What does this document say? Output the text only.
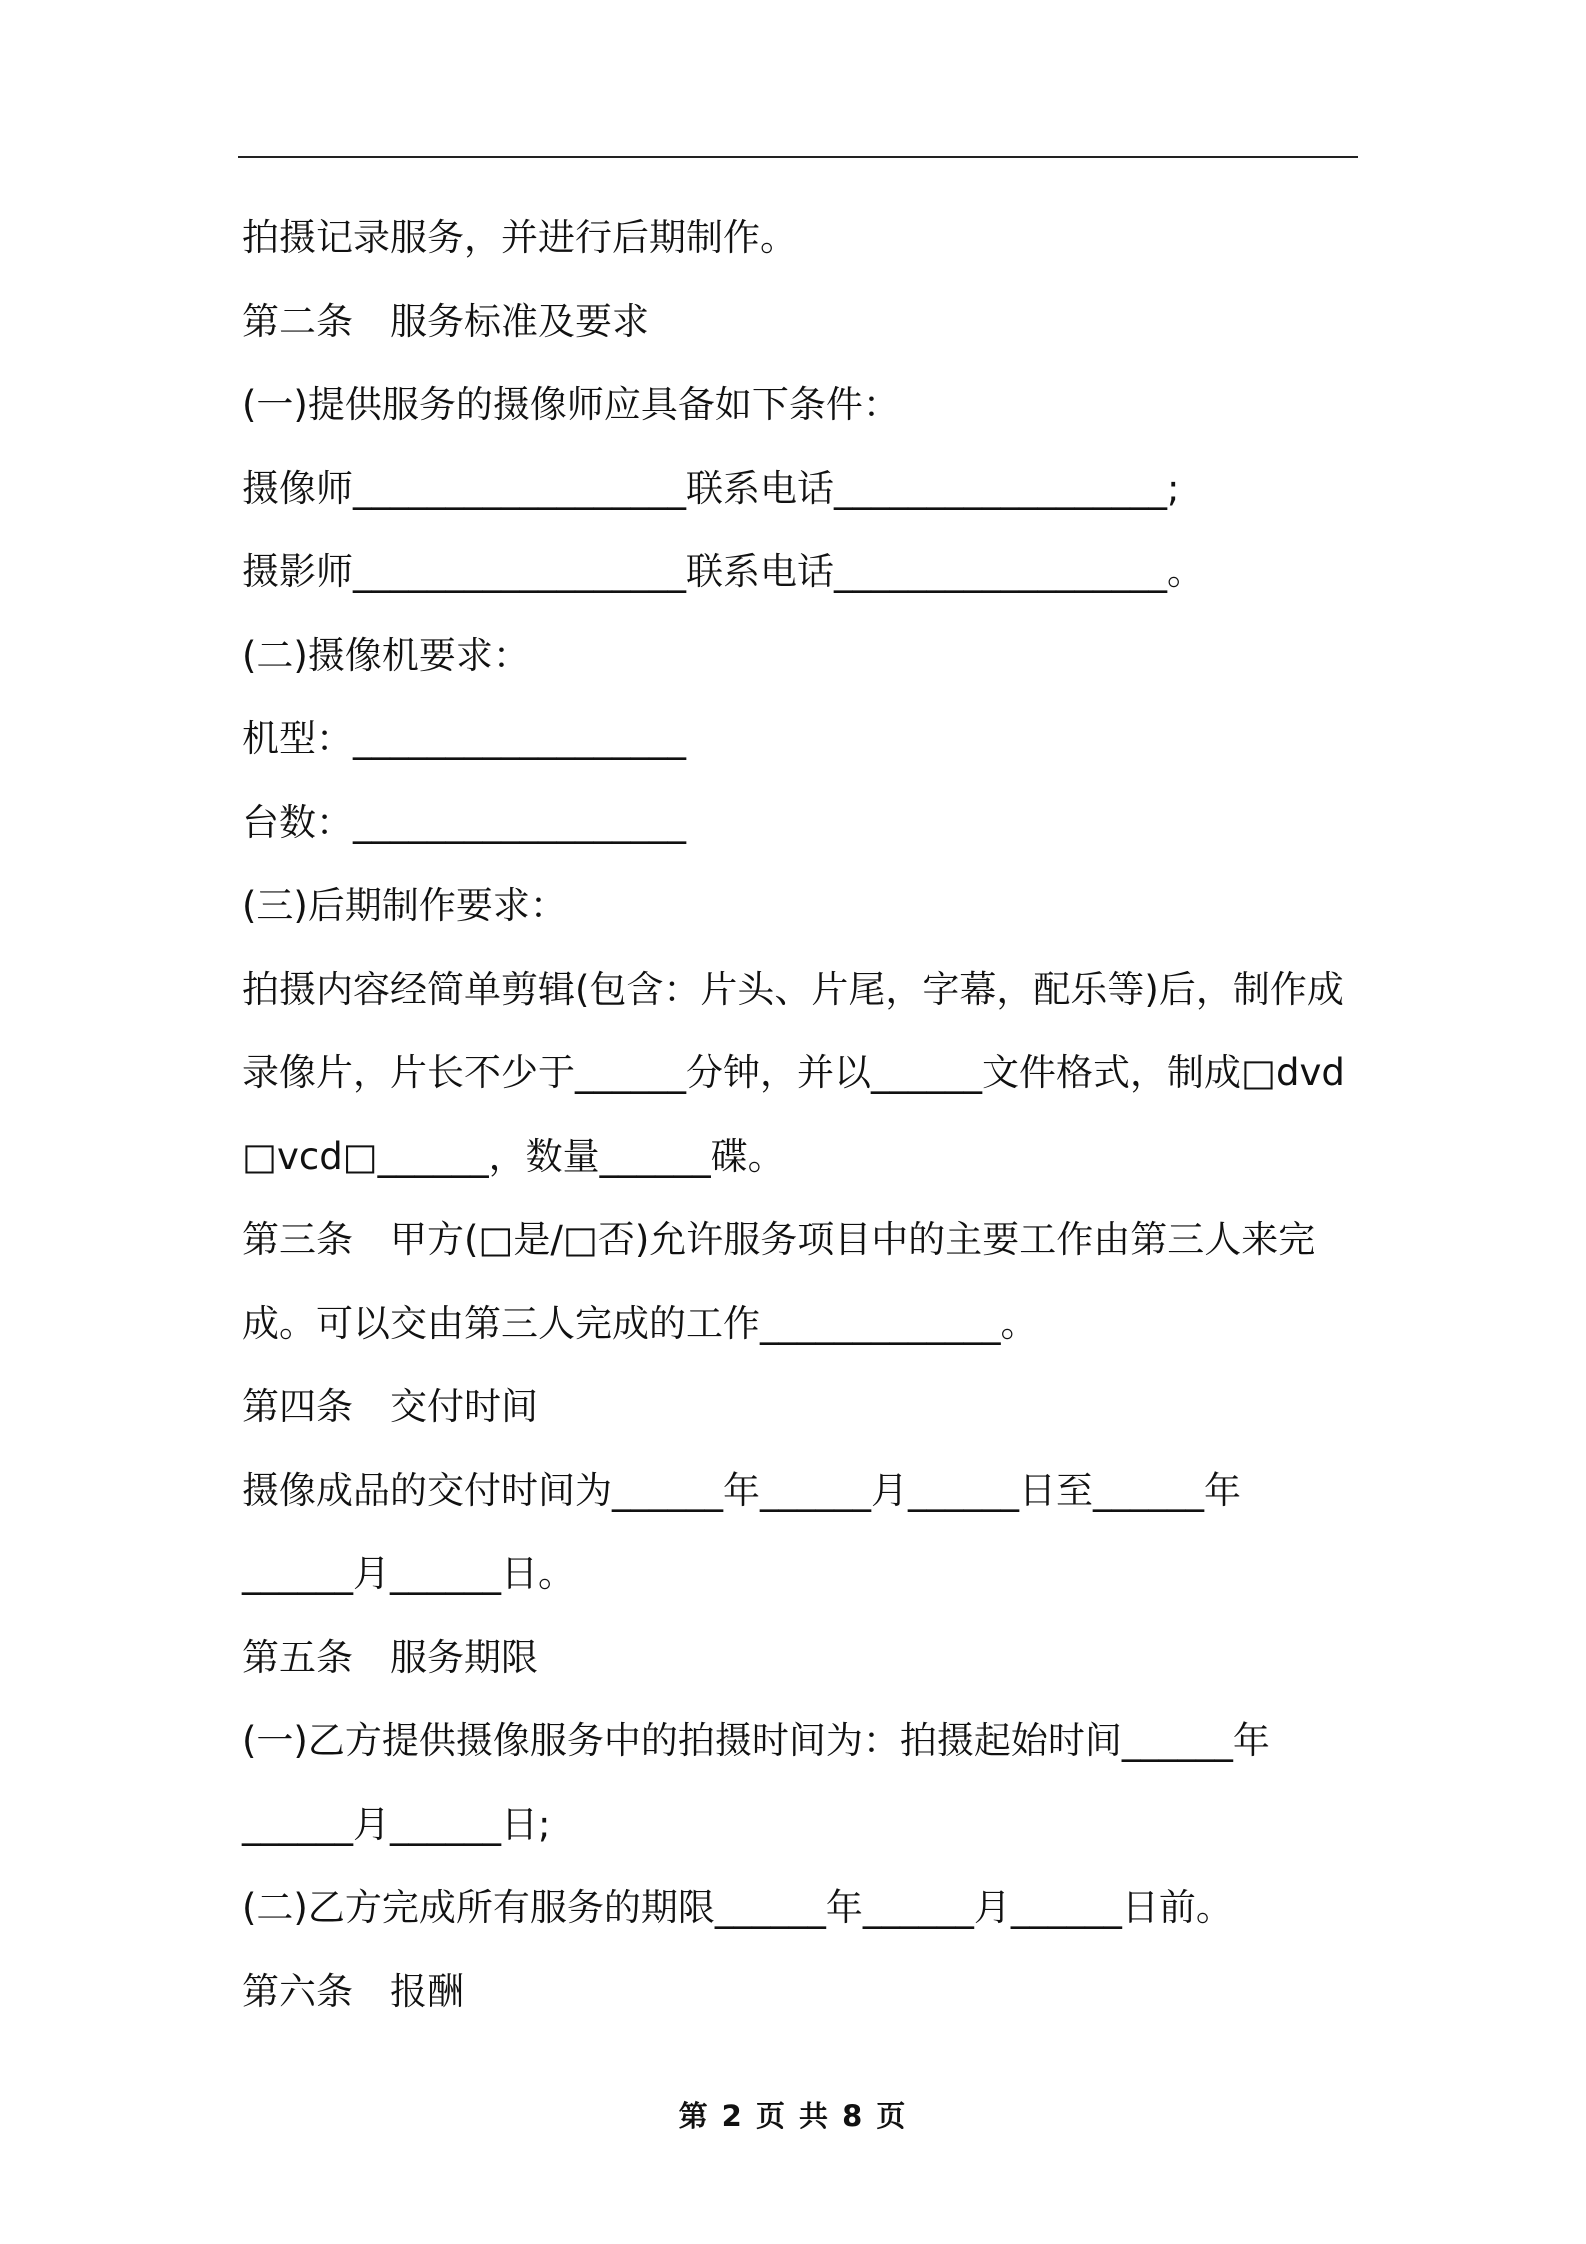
拍摄记录服务，并进行后期制作。
第二条　服务标准及要求
(一)提供服务的摄像师应具备如下条件：
摄像师__________________联系电话__________________;
摄影师__________________联系电话__________________。
(二)摄像机要求：
机型：__________________
台数：__________________
(三)后期制作要求：
拍摄内容经简单剪辑(包含：片头、片尾，字幕，配乐等)后，制作成
录像片，片长不少于______分钟，并以______文件格式，制成□dvd
□vcd□______，数量______碟。
第三条　甲方(□是/□否)允许服务项目中的主要工作由第三人来完
成。可以交由第三人完成的工作_____________。
第四条　交付时间
摄像成品的交付时间为______年______月______日至______年
______月______日。
第五条　服务期限
(一)乙方提供摄像服务中的拍摄时间为：拍摄起始时间______年
______月______日;
(二)乙方完成所有服务的期限______年______月______日前。
第六条　报酬
第 2 页 共 8 页
